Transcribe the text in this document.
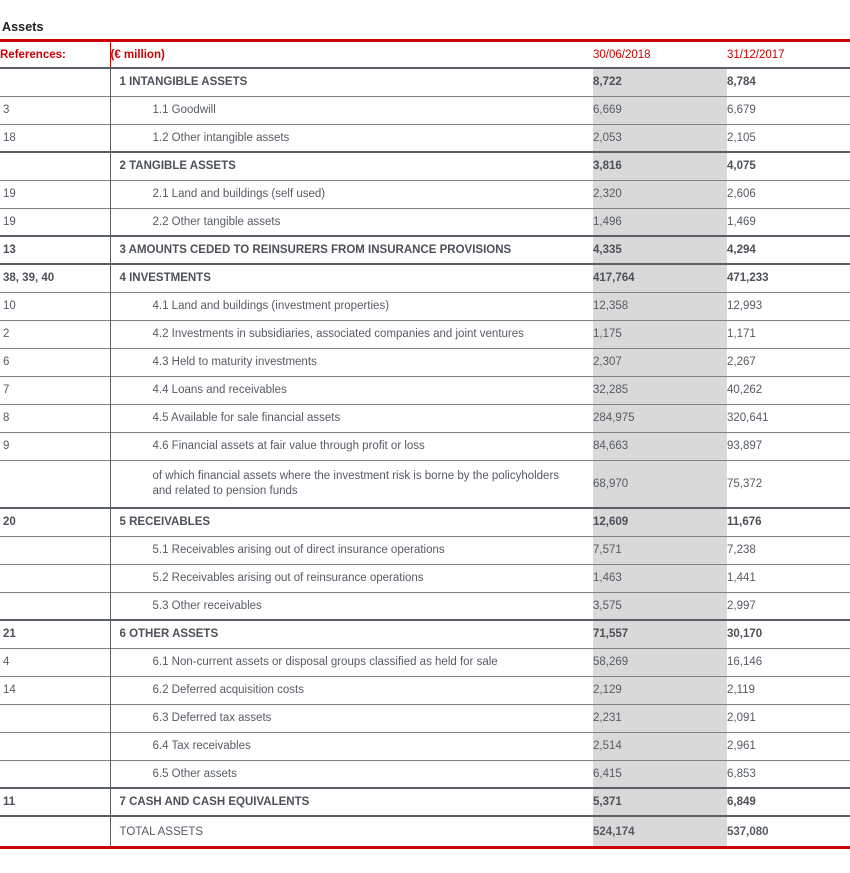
Assets
References:	(€ million)	30/06/2018	31/12/2017

	1 INTANGIBLE ASSETS	8,722	8,784
3	1.1 Goodwill	6,669	6,679
18	1.2 Other intangible assets	2,053	2,105

	2 TANGIBLE ASSETS	3,816	4,075
19	2.1 Land and buildings (self used)	2,320	2,606
19	2.2 Other tangible assets	1,496	1,469
13	3 AMOUNTS CEDED TO REINSURERS FROM INSURANCE PROVISIONS	4,335	4,294
38, 39, 40	4 INVESTMENTS	417,764	471,233
10	4.1 Land and buildings (investment properties)	12,358	12,993
2	4.2 Investments in subsidiaries, associated companies and joint ventures	1,175	1,171
6	4.3 Held to maturity investments	2,307	2,267
7	4.4 Loans and receivables	32,285	40,262
8	4.5 Available for sale financial assets	284,975	320,641
9	4.6 Financial assets at fair value through profit or loss	84,663	93,897

	of which financial assets where the investment risk is borne by the policyholders and related to pension funds	68,970	75,372
20	5 RECEIVABLES	12,609	11,676

	5.1 Receivables arising out of direct insurance operations	7,571	7,238

	5.2 Receivables arising out of reinsurance operations	1,463	1,441

	5.3 Other receivables	3,575	2,997
21	6 OTHER ASSETS	71,557	30,170
4	6.1 Non-current assets or disposal groups classified as held for sale	58,269	16,146
14	6.2 Deferred acquisition costs	2,129	2,119

	6.3 Deferred tax assets	2,231	2,091

	6.4 Tax receivables	2,514	2,961

	6.5 Other assets	6,415	6,853
11	7 CASH AND CASH EQUIVALENTS	5,371	6,849

	TOTAL ASSETS	524,174	537,080
